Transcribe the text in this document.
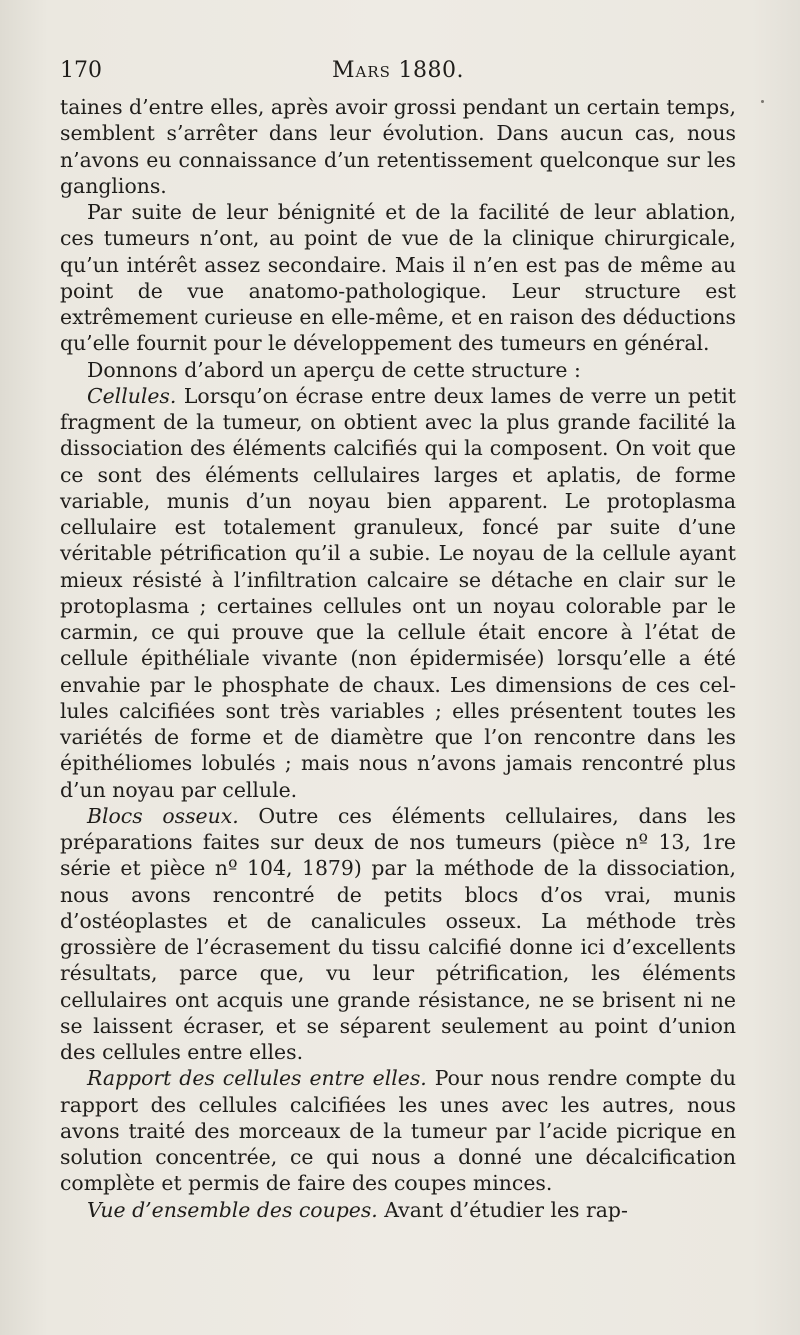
170	Mars 1880.

taines d’entre elles, après avoir grossi pendant un certain temps, semblent s’arrêter dans leur évolution. Dans aucun cas, nous n’avons eu connaissance d’un retentissement quelconque sur les ganglions.

Par suite de leur bénignité et de la facilité de leur ablation, ces tumeurs n’ont, au point de vue de la clinique chirurgicale, qu’un intérêt assez secondaire. Mais il n’en est pas de même au point de vue anatomo-pathologique. Leur structure est extrêmement curieuse en elle-même, et en raison des déductions qu’elle fournit pour le développement des tumeurs en général.

Donnons d’abord un aperçu de cette structure :

Cellules. Lorsqu’on écrase entre deux lames de verre un petit fragment de la tumeur, on obtient avec la plus grande facilité la dissociation des éléments calcifiés qui la composent. On voit que ce sont des éléments cellulaires larges et aplatis, de forme variable, munis d’un noyau bien apparent. Le protoplasma cellulaire est totalement granuleux, foncé par suite d’une véritable pétrification qu’il a subie. Le noyau de la cellule ayant mieux résisté à l’infiltration calcaire se détache en clair sur le protoplasma ; certaines cellules ont un noyau colorable par le carmin, ce qui prouve que la cellule était encore à l’état de cellule épithéliale vivante (non épidermisée) lorsqu’elle a été envahie par le phosphate de chaux. Les dimensions de ces cellules calcifiées sont très variables ; elles présentent toutes les variétés de forme et de diamètre que l’on rencontre dans les épithéliomes lobulés ; mais nous n’avons jamais rencontré plus d’un noyau par cellule.

Blocs osseux. Outre ces éléments cellulaires, dans les préparations faites sur deux de nos tumeurs (pièce nº 13, 1re série et pièce nº 104, 1879) par la méthode de la dissociation, nous avons rencontré de petits blocs d’os vrai, munis d’ostéoplastes et de canalicules osseux. La méthode très grossière de l’écrasement du tissu calcifié donne ici d’excellents résultats, parce que, vu leur pétrification, les éléments cellulaires ont acquis une grande résistance, ne se brisent ni ne se laissent écraser, et se séparent seulement au point d’union des cellules entre elles.

Rapport des cellules entre elles. Pour nous rendre compte du rapport des cellules calcifiées les unes avec les autres, nous avons traité des morceaux de la tumeur par l’acide picrique en solution concentrée, ce qui nous a donné une décalcification complète et permis de faire des coupes minces.

Vue d’ensemble des coupes. Avant d’étudier les rap-
